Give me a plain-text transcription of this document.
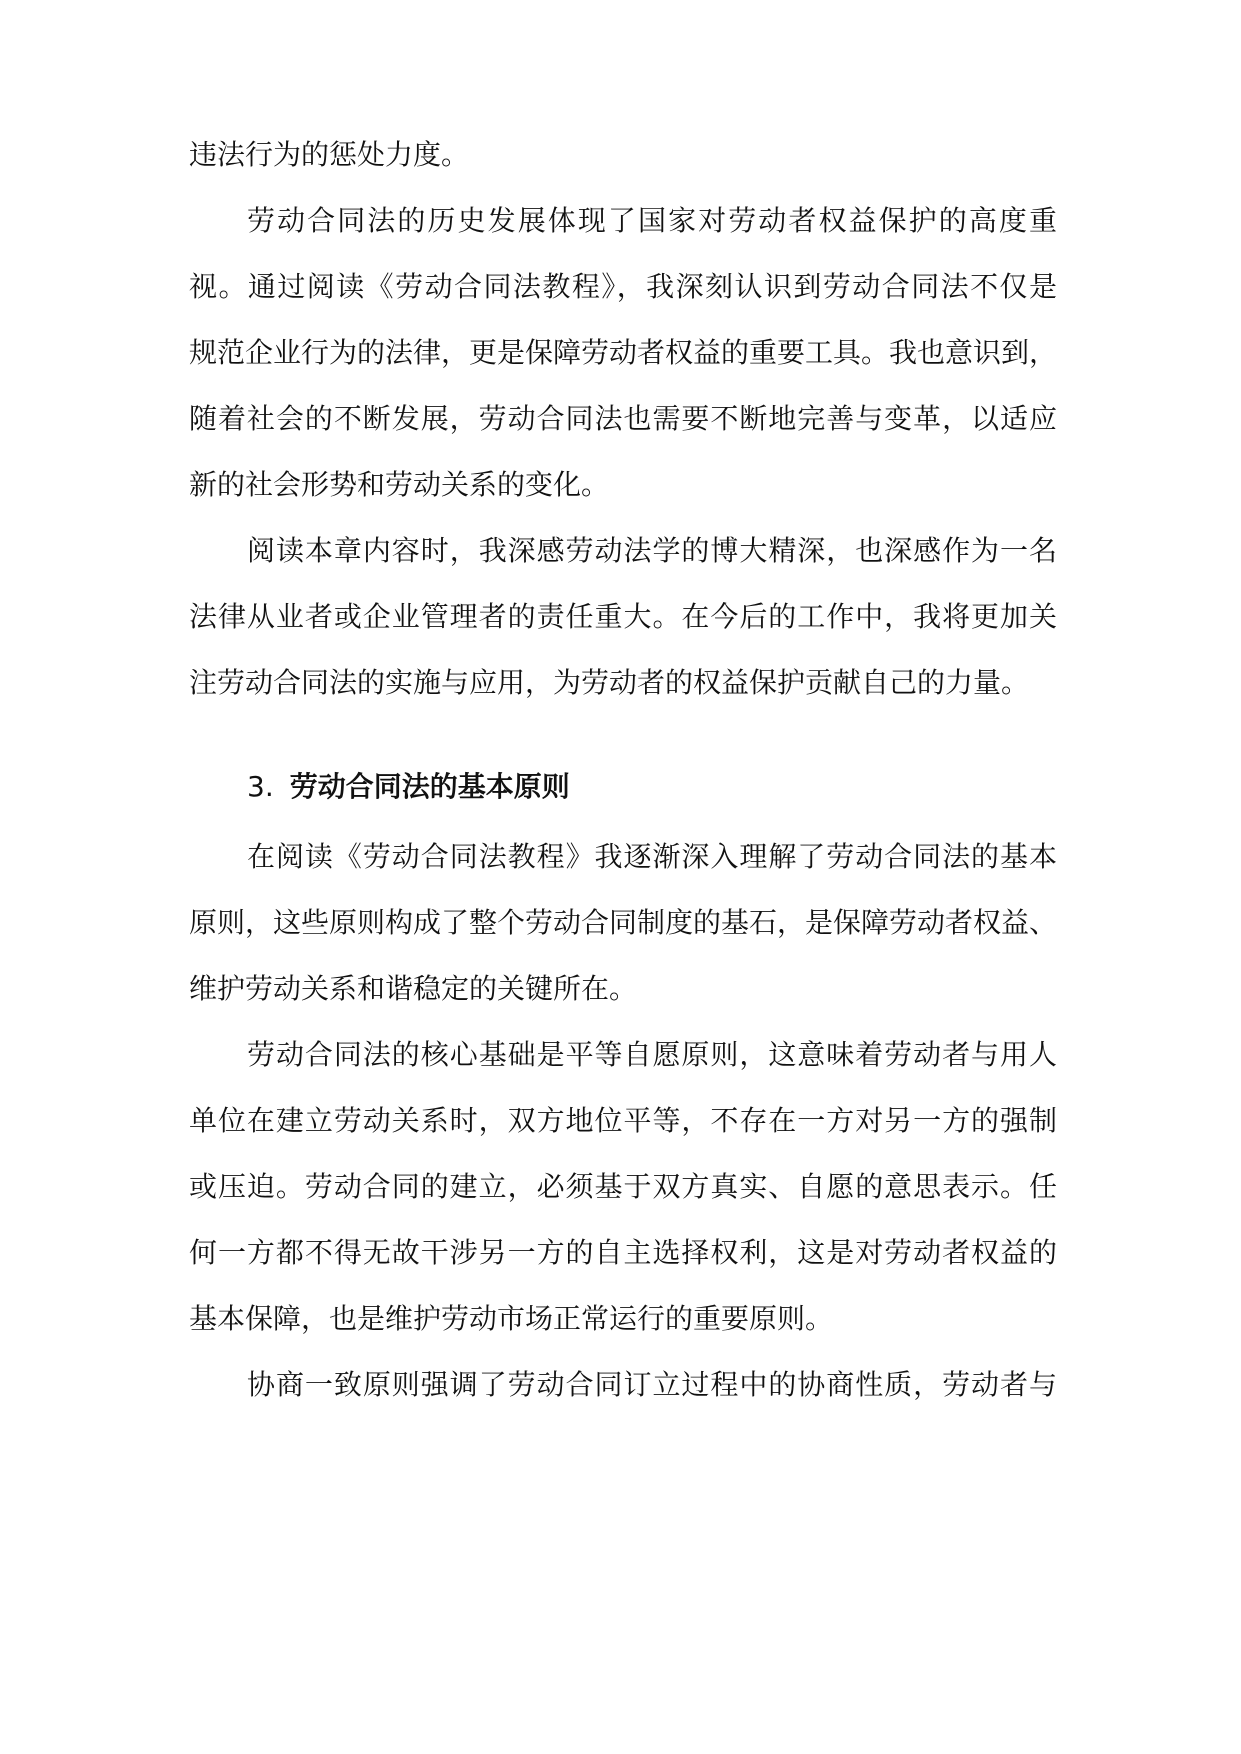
违法行为的惩处力度。
劳动合同法的历史发展体现了国家对劳动者权益保护的高度重
视。通过阅读《劳动合同法教程》，我深刻认识到劳动合同法不仅是
规范企业行为的法律，更是保障劳动者权益的重要工具。我也意识到，
随着社会的不断发展，劳动合同法也需要不断地完善与变革，以适应
新的社会形势和劳动关系的变化。
阅读本章内容时，我深感劳动法学的博大精深，也深感作为一名
法律从业者或企业管理者的责任重大。在今后的工作中，我将更加关
注劳动合同法的实施与应用，为劳动者的权益保护贡献自己的力量。
3. 劳动合同法的基本原则
在阅读《劳动合同法教程》我逐渐深入理解了劳动合同法的基本
原则，这些原则构成了整个劳动合同制度的基石，是保障劳动者权益、
维护劳动关系和谐稳定的关键所在。
劳动合同法的核心基础是平等自愿原则，这意味着劳动者与用人
单位在建立劳动关系时，双方地位平等，不存在一方对另一方的强制
或压迫。劳动合同的建立，必须基于双方真实、自愿的意思表示。任
何一方都不得无故干涉另一方的自主选择权利，这是对劳动者权益的
基本保障，也是维护劳动市场正常运行的重要原则。
协商一致原则强调了劳动合同订立过程中的协商性质，劳动者与
